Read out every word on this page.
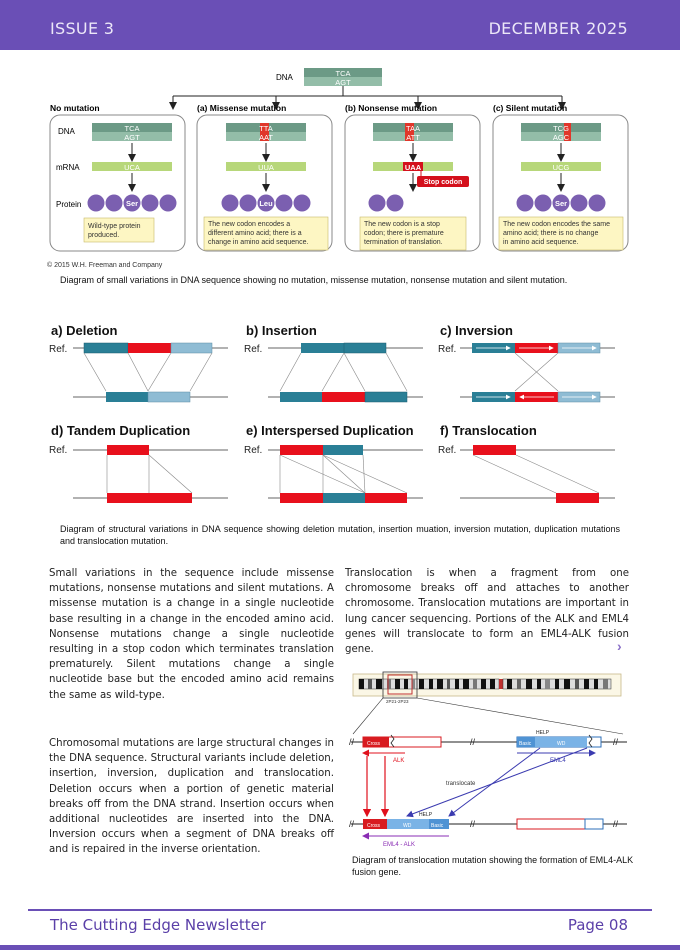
ISSUE 3	DECEMBER 2025
DNA	TCA
AGT
No mutation	(a) Missense mutation	(b) Nonsense mutation	(c) Silent mutation
DNA
mRNA
Protein
TCA
AGT
UCA
Ser
Wild-type protein produced.
TTA
AAT
UUA
Leu
The new codon encodes a different amino acid; there is a change in amino acid sequence.
TAA
ATT
UAA
Stop codon
The new codon is a stop codon; there is premature termination of translation.
TCG
AGC
UCG
Ser
The new codon encodes the same amino acid; there is no change in amino acid sequence.
© 2015 W.H. Freeman and Company
Diagram of small variations in DNA sequence showing no mutation, missense mutation, nonsense mutation and silent mutation.
a) Deletion	b) Insertion	c) Inversion
d) Tandem Duplication	e) Interspersed Duplication f) Translocation
Ref.	Ref.	Ref.
Ref.	Ref.	Ref.
Diagram of structural variations in DNA sequence showing deletion mutation, insertion muation, inversion mutation, duplication mutations and translocation mutation.
Small variations in the sequence include missense mutations, nonsense mutations and silent mutations. A missense mutation is a change in a single nucleotide base resulting in a change in the encoded amino acid. Nonsense mutations change a single nucleotide resulting in a stop codon which terminates translation prematurely. Silent mutations change a single nucleotide base but the encoded amino acid remains the same as wild-type.
Chromosomal mutations are large structural changes in the DNA sequence. Structural variants include deletion, insertion, inversion, duplication and translocation. Deletion occurs when a portion of genetic material breaks off from the DNA strand. Insertion occurs when additional nucleotides are inserted into the DNA. Inversion occurs when a segment of DNA breaks off and is repaired in the inverse orientation.
Translocation is when a fragment from one chromosome breaks off and attaches to another chromosome. Translocation mutations are important in lung cancer sequencing. Portions of the ALK and EML4 genes will translocate to form an EML4-ALK fusion gene.	›
2P21-2P23
//	//	//
Cross	Basic	WD
HELP
ALK	EML4
translocate
//	//	//
Cross	WD	Basic
HELP
EML4 - ALK
Diagram of translocation mutation showing the formation of EML4-ALK fusion gene.
The Cutting Edge Newsletter	Page 08
